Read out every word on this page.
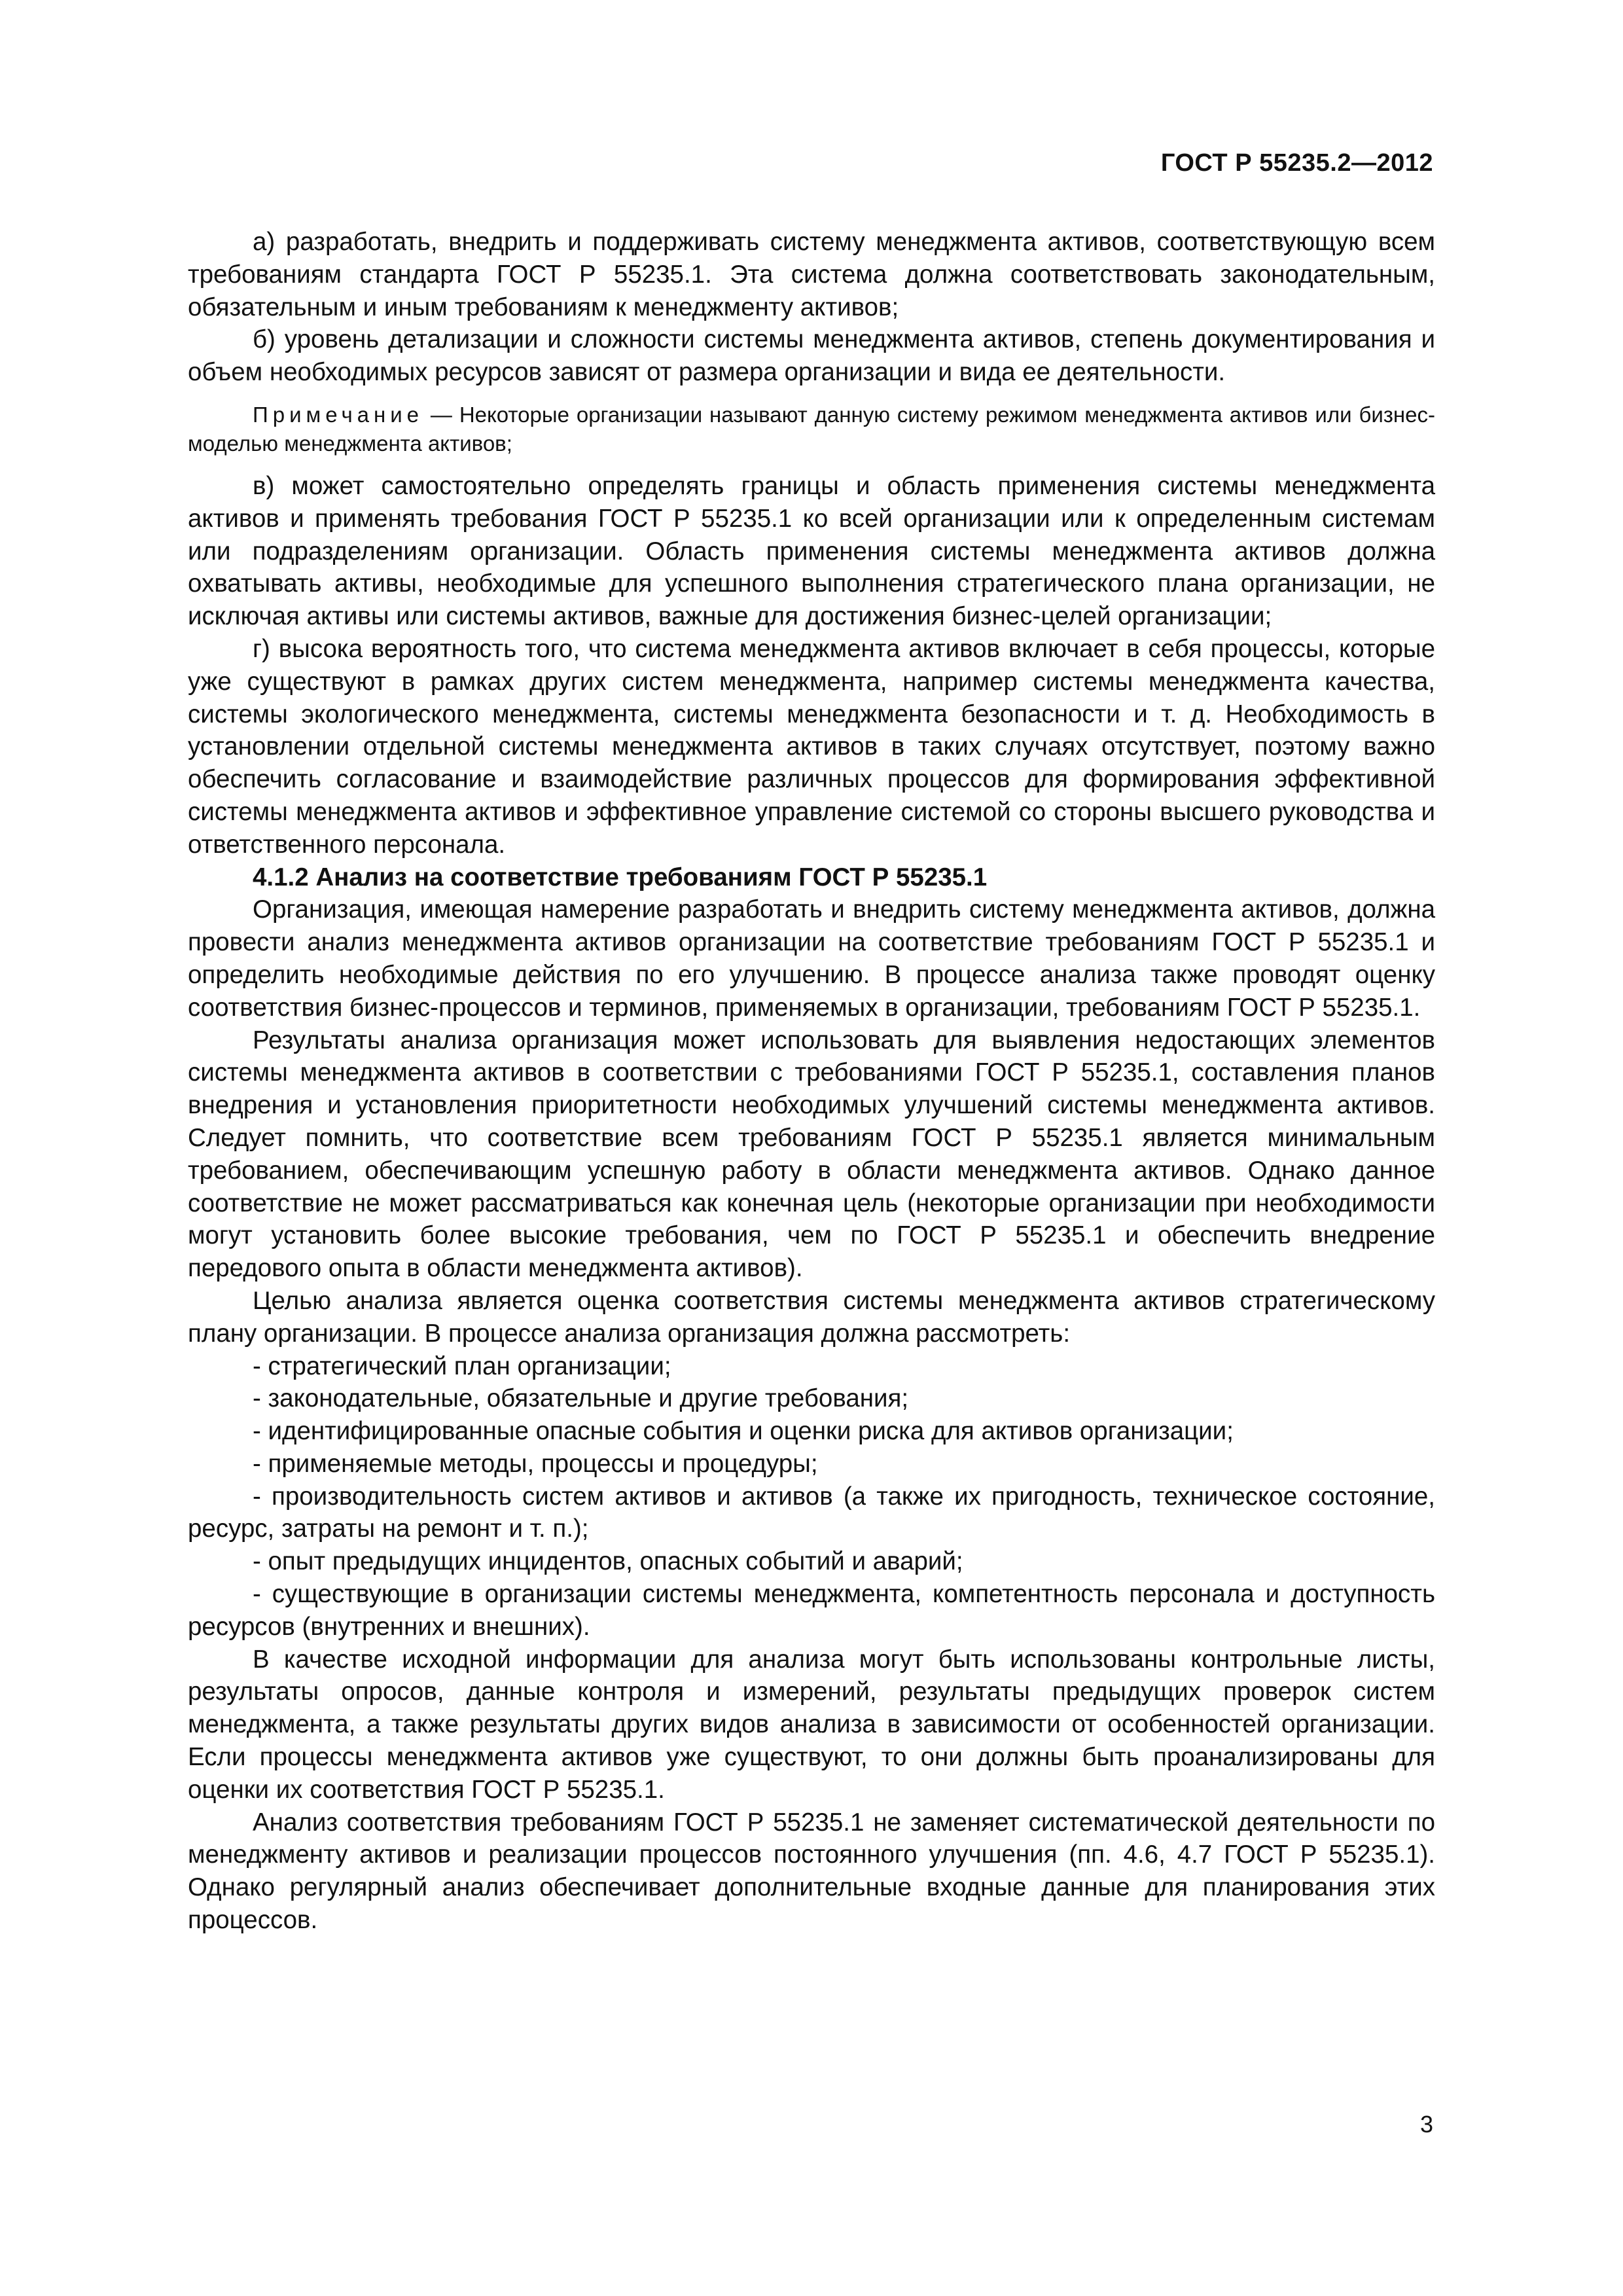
ГОСТ Р 55235.2—2012

а) разработать, внедрить и поддерживать систему менеджмента активов, соответствующую всем требованиям стандарта ГОСТ Р 55235.1. Эта система должна соответствовать законодательным, обязательным и иным требованиям к менеджменту активов;

б) уровень детализации и сложности системы менеджмента активов, степень документирования и объем необходимых ресурсов зависят от размера организации и вида ее деятельности.

Примечание — Некоторые организации называют данную систему режимом менеджмента активов или бизнес-моделью менеджмента активов;

в) может самостоятельно определять границы и область применения системы менеджмента активов и применять требования ГОСТ Р 55235.1 ко всей организации или к определенным системам или подразделениям организации. Область применения системы менеджмента активов должна охватывать активы, необходимые для успешного выполнения стратегического плана организации, не исключая активы или системы активов, важные для достижения бизнес-целей организации;

г) высока вероятность того, что система менеджмента активов включает в себя процессы, которые уже существуют в рамках других систем менеджмента, например системы менеджмента качества, системы экологического менеджмента, системы менеджмента безопасности и т. д. Необходимость в установлении отдельной системы менеджмента активов в таких случаях отсутствует, поэтому важно обеспечить согласование и взаимодействие различных процессов для формирования эффективной системы менеджмента активов и эффективное управление системой со стороны высшего руководства и ответственного персонала.

4.1.2 Анализ на соответствие требованиям ГОСТ Р 55235.1

Организация, имеющая намерение разработать и внедрить систему менеджмента активов, должна провести анализ менеджмента активов организации на соответствие требованиям ГОСТ Р 55235.1 и определить необходимые действия по его улучшению. В процессе анализа также проводят оценку соответствия бизнес-процессов и терминов, применяемых в организации, требованиям ГОСТ Р 55235.1.

Результаты анализа организация может использовать для выявления недостающих элементов системы менеджмента активов в соответствии с требованиями ГОСТ Р 55235.1, составления планов внедрения и установления приоритетности необходимых улучшений системы менеджмента активов. Следует помнить, что соответствие всем требованиям ГОСТ Р 55235.1 является минимальным требованием, обеспечивающим успешную работу в области менеджмента активов. Однако данное соответствие не может рассматриваться как конечная цель (некоторые организации при необходимости могут установить более высокие требования, чем по ГОСТ Р 55235.1 и обеспечить внедрение передового опыта в области менеджмента активов).

Целью анализа является оценка соответствия системы менеджмента активов стратегическому плану организации. В процессе анализа организация должна рассмотреть:

- стратегический план организации;

- законодательные, обязательные и другие требования;

- идентифицированные опасные события и оценки риска для активов организации;

- применяемые методы, процессы и процедуры;

- производительность систем активов и активов (а также их пригодность, техническое состояние, ресурс, затраты на ремонт и т. п.);

- опыт предыдущих инцидентов, опасных событий и аварий;

- существующие в организации системы менеджмента, компетентность персонала и доступность ресурсов (внутренних и внешних).

В качестве исходной информации для анализа могут быть использованы контрольные листы, результаты опросов, данные контроля и измерений, результаты предыдущих проверок систем менеджмента, а также результаты других видов анализа в зависимости от особенностей организации. Если процессы менеджмента активов уже существуют, то они должны быть проанализированы для оценки их соответствия ГОСТ Р 55235.1.

Анализ соответствия требованиям ГОСТ Р 55235.1 не заменяет систематической деятельности по менеджменту активов и реализации процессов постоянного улучшения (пп. 4.6, 4.7 ГОСТ Р 55235.1). Однако регулярный анализ обеспечивает дополнительные входные данные для планирования этих процессов.

3
